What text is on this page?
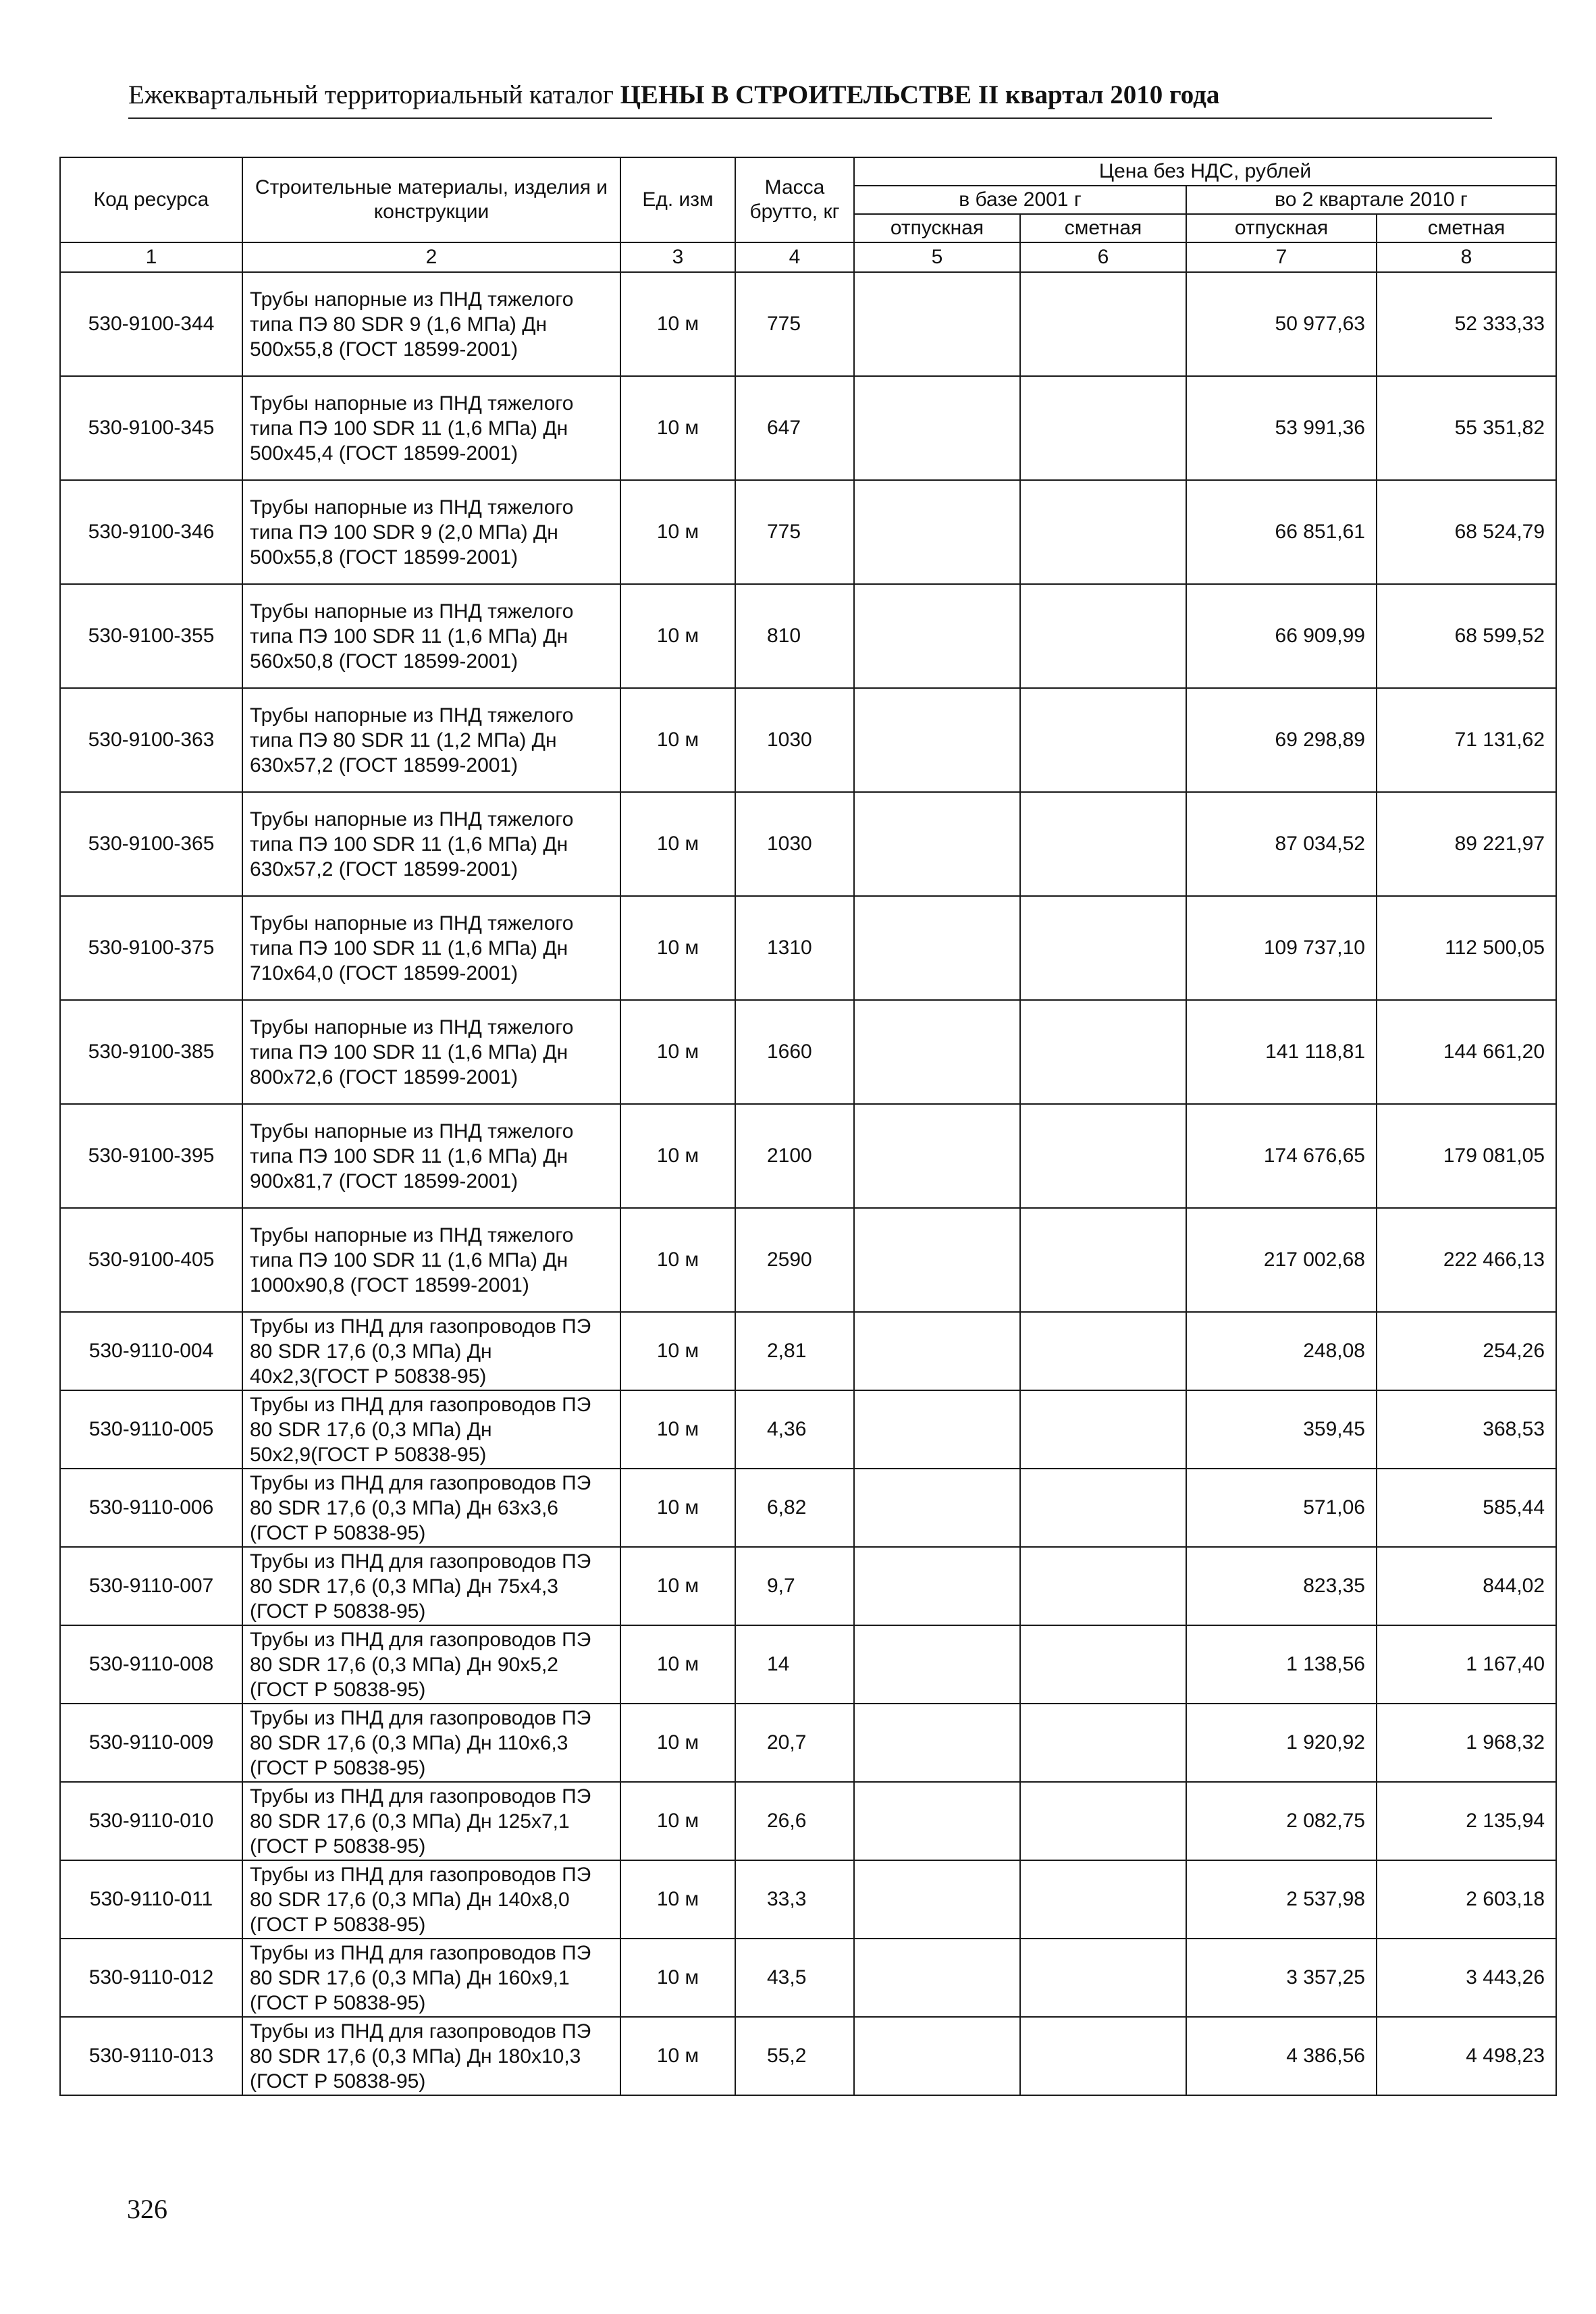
Ежеквартальный территориальный каталог ЦЕНЫ В СТРОИТЕЛЬСТВЕ II квартал 2010 года
Код ресурса	Строительные материалы, изделия и конструкции	Ед. изм	Масса брутто, кг	Цена без НДС, рублей			
				в базе 2001 г		во 2 квартале 2010 г	
				отпускная	сметная	отпускная	сметная
1	2	3	4	5	6	7	8
530-9100-344	Трубы напорные из ПНД тяжелого типа ПЭ 80 SDR 9 (1,6 МПа) Дн 500х55,8 (ГОСТ 18599-2001)	10 м	775			50 977,63	52 333,33
530-9100-345	Трубы напорные из ПНД тяжелого типа ПЭ 100 SDR 11 (1,6 МПа) Дн 500х45,4 (ГОСТ 18599-2001)	10 м	647			53 991,36	55 351,82
530-9100-346	Трубы напорные из ПНД тяжелого типа ПЭ 100 SDR 9 (2,0 МПа) Дн 500х55,8 (ГОСТ 18599-2001)	10 м	775			66 851,61	68 524,79
530-9100-355	Трубы напорные из ПНД тяжелого типа ПЭ 100 SDR 11 (1,6 МПа) Дн 560х50,8 (ГОСТ 18599-2001)	10 м	810			66 909,99	68 599,52
530-9100-363	Трубы напорные из ПНД тяжелого типа ПЭ 80 SDR 11 (1,2 МПа) Дн 630х57,2 (ГОСТ 18599-2001)	10 м	1030			69 298,89	71 131,62
530-9100-365	Трубы напорные из ПНД тяжелого типа ПЭ 100 SDR 11 (1,6 МПа) Дн 630х57,2 (ГОСТ 18599-2001)	10 м	1030			87 034,52	89 221,97
530-9100-375	Трубы напорные из ПНД тяжелого типа ПЭ 100 SDR 11 (1,6 МПа) Дн 710х64,0 (ГОСТ 18599-2001)	10 м	1310			109 737,10	112 500,05
530-9100-385	Трубы напорные из ПНД тяжелого типа ПЭ 100 SDR 11 (1,6 МПа) Дн 800х72,6 (ГОСТ 18599-2001)	10 м	1660			141 118,81	144 661,20
530-9100-395	Трубы напорные из ПНД тяжелого типа ПЭ 100 SDR 11 (1,6 МПа) Дн 900х81,7 (ГОСТ 18599-2001)	10 м	2100			174 676,65	179 081,05
530-9100-405	Трубы напорные из ПНД тяжелого типа ПЭ 100 SDR 11 (1,6 МПа) Дн 1000х90,8 (ГОСТ 18599-2001)	10 м	2590			217 002,68	222 466,13
530-9110-004	Трубы из ПНД для газопроводов ПЭ 80 SDR 17,6 (0,3 МПа) Дн 40х2,3(ГОСТ Р 50838-95)	10 м	2,81			248,08	254,26
530-9110-005	Трубы из ПНД для газопроводов ПЭ 80 SDR 17,6 (0,3 МПа) Дн 50х2,9(ГОСТ Р 50838-95)	10 м	4,36			359,45	368,53
530-9110-006	Трубы из ПНД для газопроводов ПЭ 80 SDR 17,6 (0,3 МПа) Дн 63х3,6 (ГОСТ Р 50838-95)	10 м	6,82			571,06	585,44
530-9110-007	Трубы из ПНД для газопроводов ПЭ 80 SDR 17,6 (0,3 МПа) Дн 75х4,3 (ГОСТ Р 50838-95)	10 м	9,7			823,35	844,02
530-9110-008	Трубы из ПНД для газопроводов ПЭ 80 SDR 17,6 (0,3 МПа) Дн 90х5,2 (ГОСТ Р 50838-95)	10 м	14			1 138,56	1 167,40
530-9110-009	Трубы из ПНД для газопроводов ПЭ 80 SDR 17,6 (0,3 МПа) Дн 110х6,3 (ГОСТ Р 50838-95)	10 м	20,7			1 920,92	1 968,32
530-9110-010	Трубы из ПНД для газопроводов ПЭ 80 SDR 17,6 (0,3 МПа) Дн 125х7,1 (ГОСТ Р 50838-95)	10 м	26,6			2 082,75	2 135,94
530-9110-011	Трубы из ПНД для газопроводов ПЭ 80 SDR 17,6 (0,3 МПа) Дн 140х8,0 (ГОСТ Р 50838-95)	10 м	33,3			2 537,98	2 603,18
530-9110-012	Трубы из ПНД для газопроводов ПЭ 80 SDR 17,6 (0,3 МПа) Дн 160х9,1 (ГОСТ Р 50838-95)	10 м	43,5			3 357,25	3 443,26
530-9110-013	Трубы из ПНД для газопроводов ПЭ 80 SDR 17,6 (0,3 МПа) Дн 180х10,3 (ГОСТ Р 50838-95)	10 м	55,2			4 386,56	4 498,23
326
